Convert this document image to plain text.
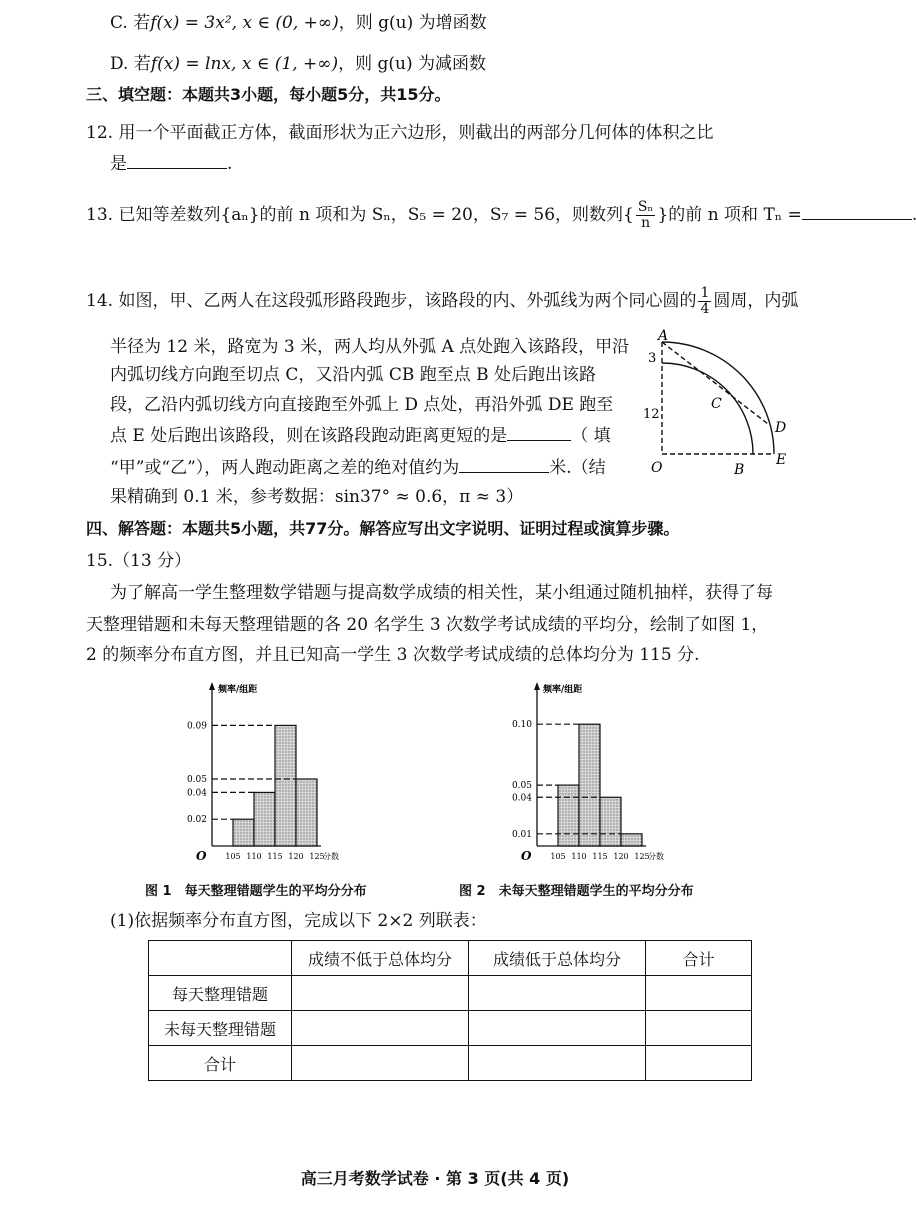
C. 若f(x) = 3x², x ∈ (0, +∞)，则 g(u) 为增函数
D. 若f(x) = lnx, x ∈ (1, +∞)，则 g(u) 为减函数
三、填空题：本题共3小题，每小题5分，共15分。
12. 用一个平面截正方体，截面形状为正六边形，则截出的两部分几何体的体积之比
是	.
13. 已知等差数列{aₙ}的前 n 项和为 Sₙ，S₅ = 20，S₇ = 56，则数列{ $\frac{\text{Sₙ}}{n}$ }的前 n 项和 Tₙ =	.
14. 如图，甲、乙两人在这段弧形路段跑步，该路段的内、外弧线为两个同心圆的 $\frac{1}{4}$ 圆周，内弧
半径为 12 米，路宽为 3 米，两人均从外弧 A 点处跑入该路段，甲沿
内弧切线方向跑至切点 C，又沿内弧 CB 跑至点 B 处后跑出该路
段，乙沿内弧切线方向直接跑至外弧上 D 点处，再沿外弧 DE 跑至
点 E 处后跑出该路段，则在该路段跑动距离更短的是	（ 填
“甲”或“乙”），两人跑动距离之差的绝对值约为	米.（结
果精确到 0.1 米，参考数据：sin37° ≈ 0.6，π ≈ 3）
A
3
12
C
D
O	B
E
四、解答题：本题共5小题，共77分。解答应写出文字说明、证明过程或演算步骤。
15.（13 分）
为了解高一学生整理数学错题与提高数学成绩的相关性，某小组通过随机抽样，获得了每
天整理错题和未每天整理错题的各 20 名学生 3 次数学考试成绩的平均分，绘制了如图 1，
2 的频率分布直方图，并且已知高一学生 3 次数学考试成绩的总体均分为 115 分.
频率/组距
O
0.09
0.05
0.04
0.02
105 110 115 120 125
分数
频率/组距
O
0.10
0.05
0.04
0.01
105 110 115 120 125
分数
图 1　每天整理错题学生的平均分分布	图 2　未每天整理错题学生的平均分分布
(1)依据频率分布直方图，完成以下 2×2 列联表：
	成绩不低于总体均分	成绩低于总体均分	合计
每天整理错题			
未每天整理错题			
合计			
高三月考数学试卷 · 第 3 页(共 4 页)
